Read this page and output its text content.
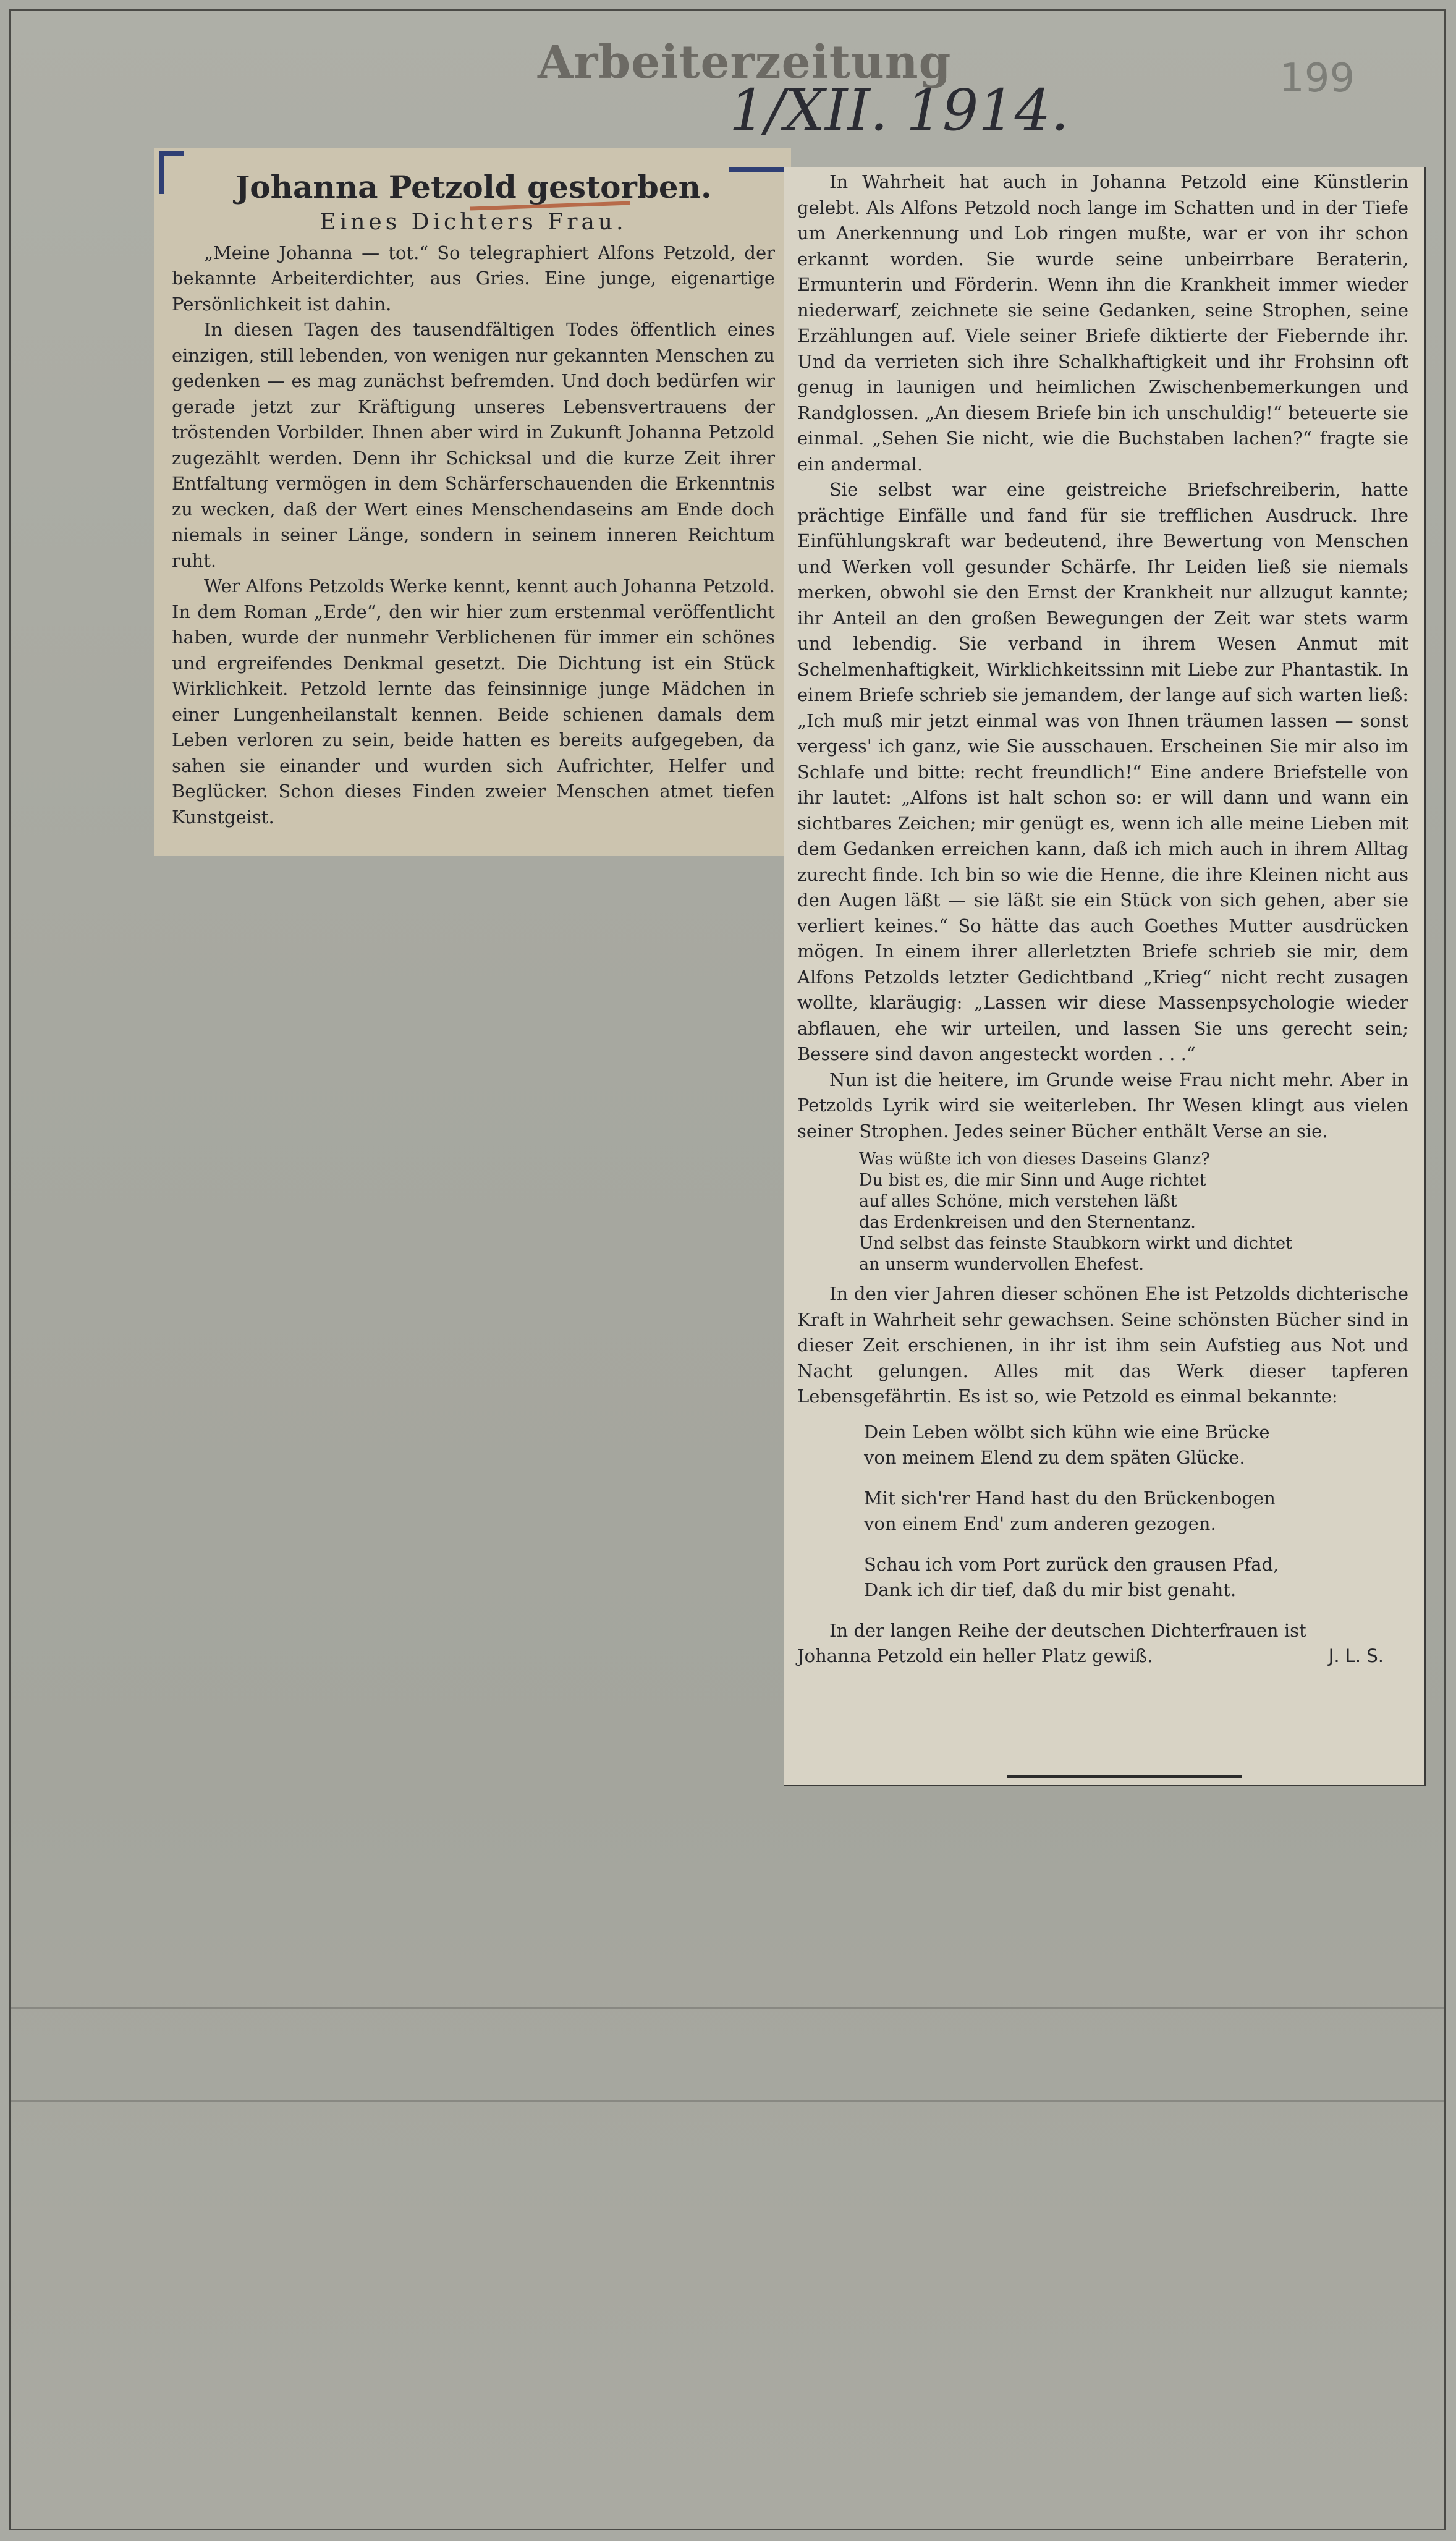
Arbeiterzeitung
1/XII. 1914.	199
Johanna Petzold gestorben.
Eines Dichters Frau.

„Meine Johanna — tot.“ So telegraphiert Alfons Petzold, der bekannte Arbeiterdichter, aus Gries. Eine junge, eigenartige Persönlichkeit ist dahin.

In diesen Tagen des tausendfältigen Todes öffentlich eines einzigen, still lebenden, von wenigen nur gekannten Menschen zu gedenken — es mag zunächst befremden. Und doch bedürfen wir gerade jetzt zur Kräftigung unseres Lebensvertrauens der tröstenden Vorbilder. Ihnen aber wird in Zukunft Johanna Petzold zugezählt werden. Denn ihr Schicksal und die kurze Zeit ihrer Entfaltung vermögen in dem Schärferschauenden die Erkenntnis zu wecken, daß der Wert eines Menschendaseins am Ende doch niemals in seiner Länge, sondern in seinem inneren Reichtum ruht.

Wer Alfons Petzolds Werke kennt, kennt auch Johanna Petzold. In dem Roman „Erde“, den wir hier zum erstenmal veröffentlicht haben, wurde der nunmehr Verblichenen für immer ein schönes und ergreifendes Denkmal gesetzt. Die Dichtung ist ein Stück Wirklichkeit. Petzold lernte das feinsinnige junge Mädchen in einer Lungenheilanstalt kennen. Beide schienen damals dem Leben verloren zu sein, beide hatten es bereits aufgegeben, da sahen sie einander und wurden sich Aufrichter, Helfer und Beglücker. Schon dieses Finden zweier Menschen atmet tiefen Kunstgeist.

In Wahrheit hat auch in Johanna Petzold eine Künstlerin gelebt. Als Alfons Petzold noch lange im Schatten und in der Tiefe um Anerkennung und Lob ringen mußte, war er von ihr schon erkannt worden. Sie wurde seine unbeirrbare Beraterin, Ermunterin und Förderin. Wenn ihn die Krankheit immer wieder niederwarf, zeichnete sie seine Gedanken, seine Strophen, seine Erzählungen auf. Viele seiner Briefe diktierte der Fiebernde ihr. Und da verrieten sich ihre Schalkhaftigkeit und ihr Frohsinn oft genug in launigen und heimlichen Zwischenbemerkungen und Randglossen. „An diesem Briefe bin ich unschuldig!“ beteuerte sie einmal. „Sehen Sie nicht, wie die Buchstaben lachen?“ fragte sie ein andermal.

Sie selbst war eine geistreiche Briefschreiberin, hatte prächtige Einfälle und fand für sie trefflichen Ausdruck. Ihre Einfühlungskraft war bedeutend, ihre Bewertung von Menschen und Werken voll gesunder Schärfe. Ihr Leiden ließ sie niemals merken, obwohl sie den Ernst der Krankheit nur allzugut kannte; ihr Anteil an den großen Bewegungen der Zeit war stets warm und lebendig. Sie verband in ihrem Wesen Anmut mit Schelmenhaftigkeit, Wirklichkeitssinn mit Liebe zur Phantastik. In einem Briefe schrieb sie jemandem, der lange auf sich warten ließ: „Ich muß mir jetzt einmal was von Ihnen träumen lassen — sonst vergess' ich ganz, wie Sie ausschauen. Erscheinen Sie mir also im Schlafe und bitte: recht freundlich!“ Eine andere Briefstelle von ihr lautet: „Alfons ist halt schon so: er will dann und wann ein sichtbares Zeichen; mir genügt es, wenn ich alle meine Lieben mit dem Gedanken erreichen kann, daß ich mich auch in ihrem Alltag zurecht finde. Ich bin so wie die Henne, die ihre Kleinen nicht aus den Augen läßt — sie läßt sie ein Stück von sich gehen, aber sie verliert keines.“ So hätte das auch Goethes Mutter ausdrücken mögen. In einem ihrer allerletzten Briefe schrieb sie mir, dem Alfons Petzolds letzter Gedichtband „Krieg“ nicht recht zusagen wollte, klaräugig: „Lassen wir diese Massenpsychologie wieder abflauen, ehe wir urteilen, und lassen Sie uns gerecht sein; Bessere sind davon angesteckt worden . . .“

Nun ist die heitere, im Grunde weise Frau nicht mehr. Aber in Petzolds Lyrik wird sie weiterleben. Ihr Wesen klingt aus vielen seiner Strophen. Jedes seiner Bücher enthält Verse an sie.

Was wüßte ich von dieses Daseins Glanz?
Du bist es, die mir Sinn und Auge richtet
auf alles Schöne, mich verstehen läßt
das Erdenkreisen und den Sternentanz.
Und selbst das feinste Staubkorn wirkt und dichtet
an unserm wundervollen Ehefest.

In den vier Jahren dieser schönen Ehe ist Petzolds dichterische Kraft in Wahrheit sehr gewachsen. Seine schönsten Bücher sind in dieser Zeit erschienen, in ihr ist ihm sein Aufstieg aus Not und Nacht gelungen. Alles mit das Werk dieser tapferen Lebensgefährtin. Es ist so, wie Petzold es einmal bekannte:

Dein Leben wölbt sich kühn wie eine Brücke
von meinem Elend zu dem späten Glücke.
Mit sich'rer Hand hast du den Brückenbogen
von einem End' zum anderen gezogen.
Schau ich vom Port zurück den grausen Pfad,
Dank ich dir tief, daß du mir bist genaht.

In der langen Reihe der deutschen Dichterfrauen ist

Johanna Petzold ein heller Platz gewiß.	J. L. S.
